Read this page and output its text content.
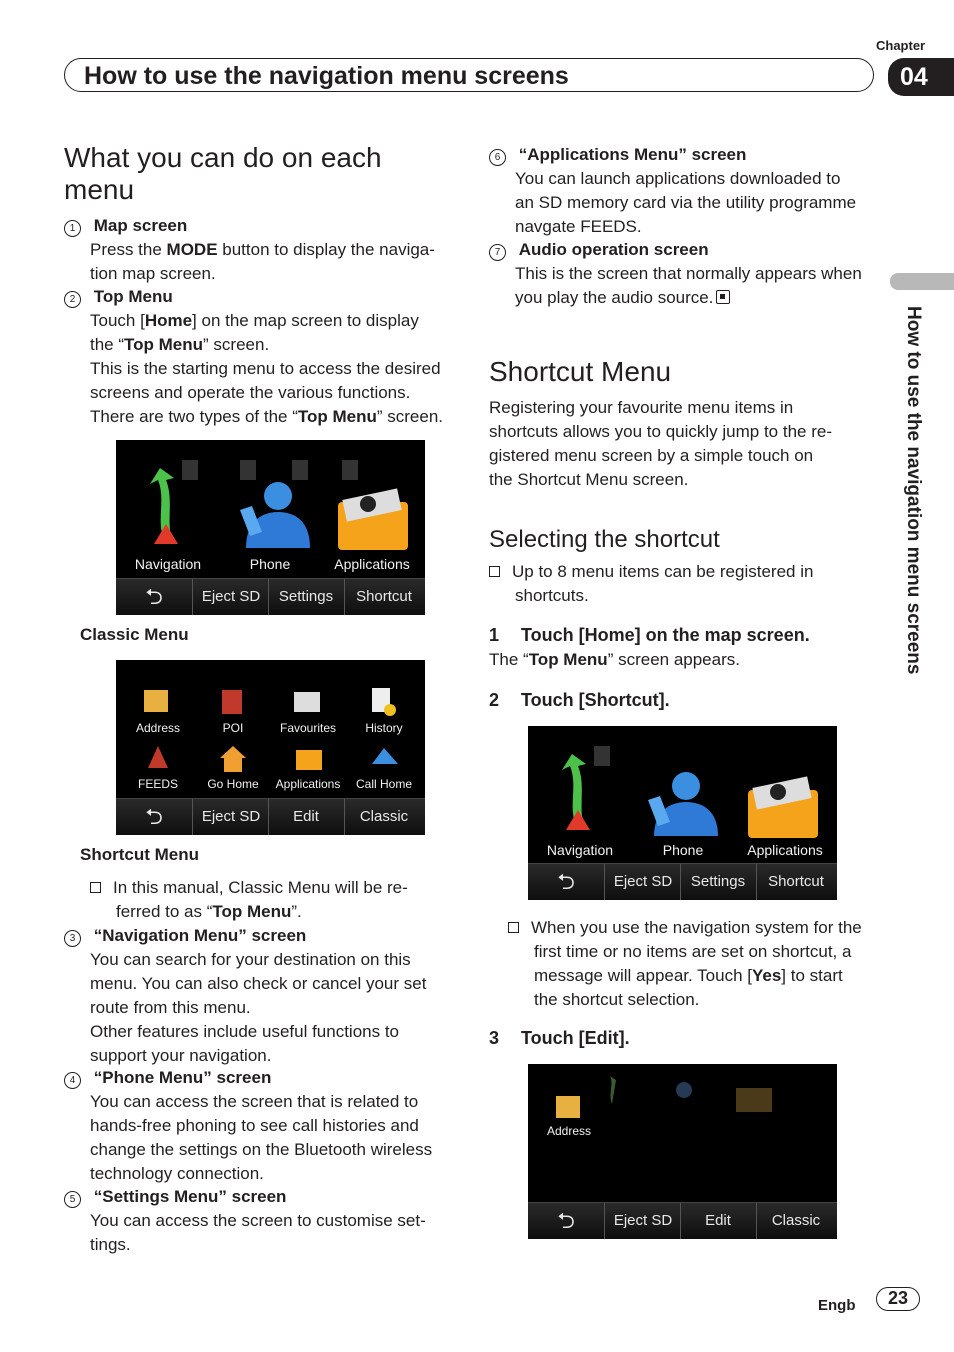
Chapter
How to use the navigation menu screens	04
How to use the navigation menu screens
What you can do on each
menu
1 Map screen
Press the MODE button to display the naviga-
tion map screen.
2 Top Menu
Touch [Home] on the map screen to display
the “Top Menu” screen.
This is the starting menu to access the desired
screens and operate the various functions.
There are two types of the “Top Menu” screen.
Navigation	Phone	Applications
⮌	Eject SD	Settings	Shortcut
Classic Menu
Address	POI	Favourites	History
FEEDS	Go Home	Applications	Call Home
⮌	Eject SD	Edit	Classic
Shortcut Menu
In this manual, Classic Menu will be re-
ferred to as “Top Menu”.
3 “Navigation Menu” screen
You can search for your destination on this
menu. You can also check or cancel your set
route from this menu.
Other features include useful functions to
support your navigation.
4 “Phone Menu” screen
You can access the screen that is related to
hands-free phoning to see call histories and
change the settings on the Bluetooth wireless
technology connection.
5 “Settings Menu” screen
You can access the screen to customise set-
tings.
6 “Applications Menu” screen
You can launch applications downloaded to
an SD memory card via the utility programme
navgate FEEDS.
7 Audio operation screen
This is the screen that normally appears when
you play the audio source.
Shortcut Menu
Registering your favourite menu items in
shortcuts allows you to quickly jump to the re-
gistered menu screen by a simple touch on
the Shortcut Menu screen.
Selecting the shortcut
Up to 8 menu items can be registered in
shortcuts.
1 Touch [Home] on the map screen.
The “Top Menu” screen appears.
2 Touch [Shortcut].
Navigation	Phone	Applications
⮌	Eject SD	Settings	Shortcut
When you use the navigation system for the
first time or no items are set on shortcut, a
message will appear. Touch [Yes] to start
the shortcut selection.
3 Touch [Edit].
Address
⮌	Eject SD	Edit	Classic
Engb	23
